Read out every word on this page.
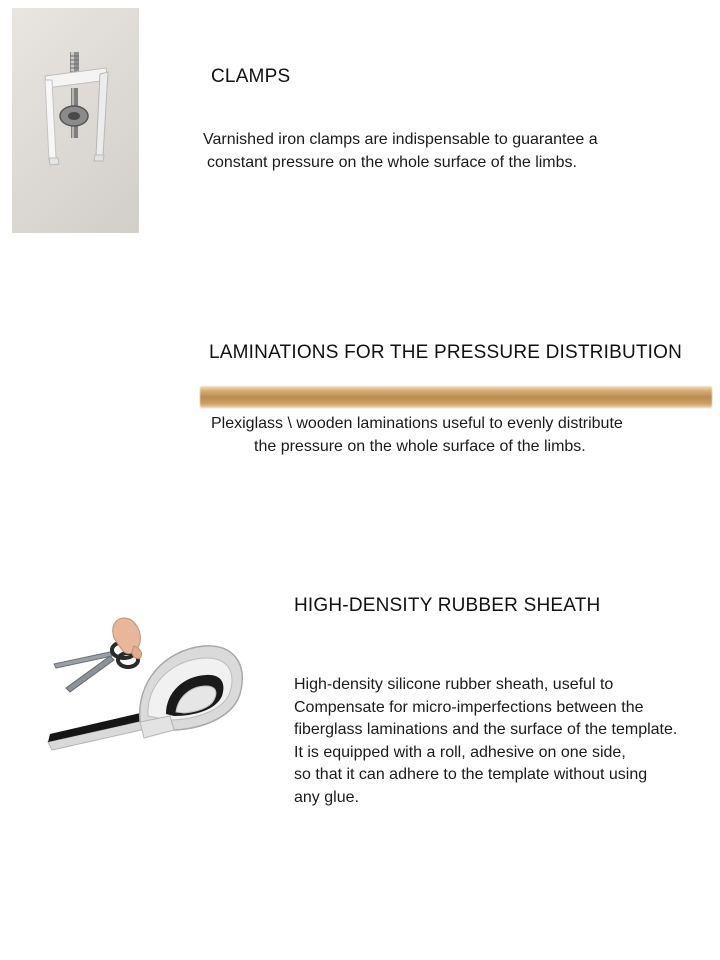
CLAMPS
Varnished iron clamps are indispensable to guarantee a
constant pressure on the whole surface of the limbs.
LAMINATIONS FOR THE PRESSURE DISTRIBUTION
Plexiglass \ wooden laminations useful to evenly distribute
the pressure on the whole surface of the limbs.
HIGH-DENSITY RUBBER SHEATH
High-density silicone rubber sheath, useful to
Compensate for micro-imperfections between the
fiberglass laminations and the surface of the template.
It is equipped with a roll, adhesive on one side,
so that it can adhere to the template without using
any glue.
